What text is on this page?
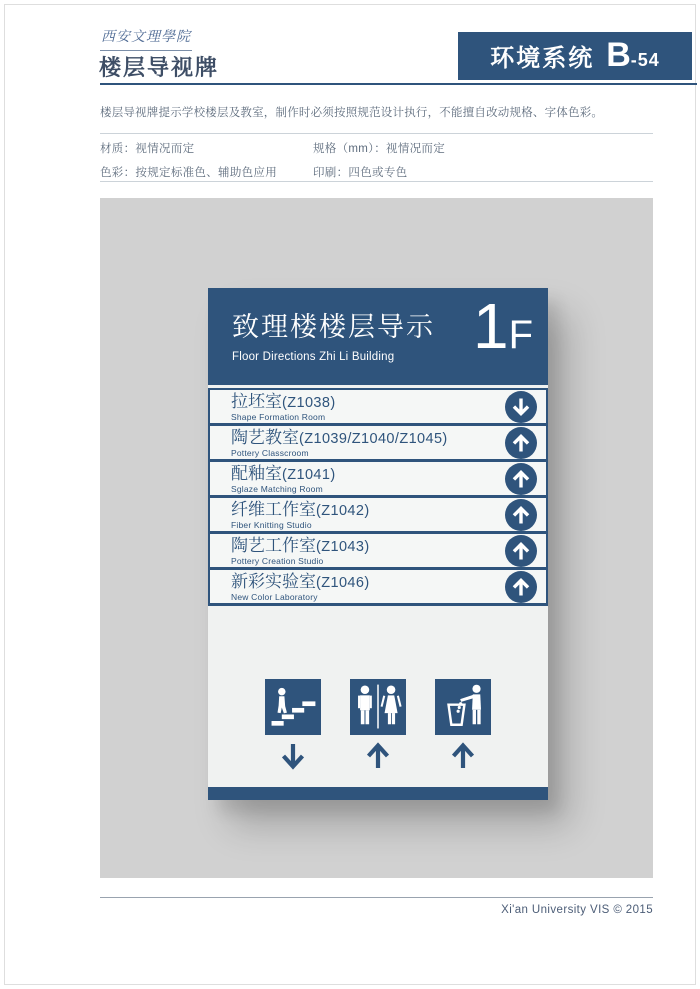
西安文理學院
楼层导视牌	环境系统 B -54
楼层导视牌提示学校楼层及教室，制作时必须按照规范设计执行，不能擅自改动规格、字体色彩。
材质：视情况而定	规格（mm）：视情况而定
色彩：按规定标准色、辅助色应用	印刷：四色或专色
致理楼楼层导示
Floor Directions Zhi Li Building	1 F
拉坯室(Z1038)
Shape Formation Room
陶艺教室(Z1039/Z1040/Z1045)
Pottery Classcroom
配釉室(Z1041)
Sglaze Matching Room
纤维工作室(Z1042)
Fiber Knitting Studio
陶艺工作室(Z1043)
Pottery Creation Studio
新彩实验室(Z1046)
New Color Laboratory
Xi'an University VIS © 2015
